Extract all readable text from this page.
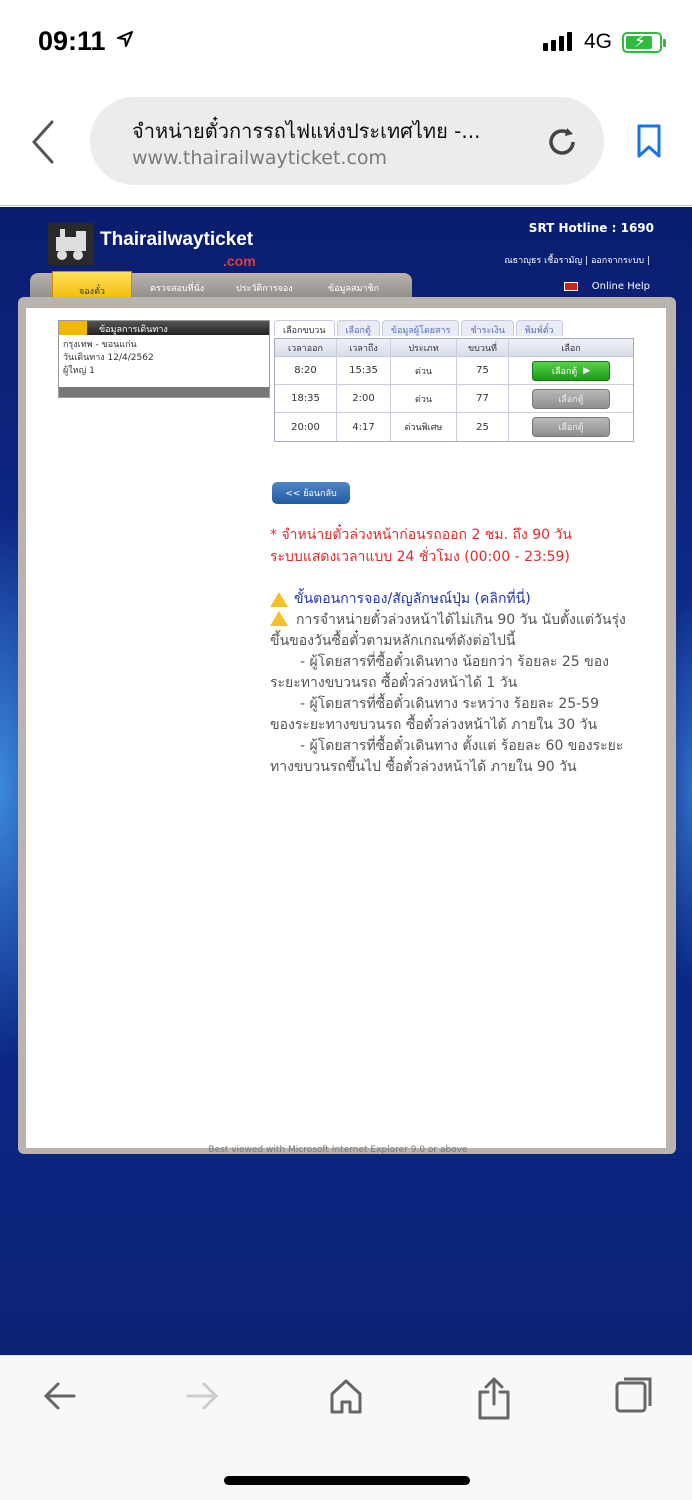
09:11	4G ⚡
จำหน่ายตั๋วการรถไฟแห่งประเทศไทย -...
www.thairailwayticket.com
Thairailwayticket
.com
SRT Hotline : 1690
ณธาญุธร เชื้อรามัญ | ออกจากระบบ |
Online Help
จองตั๋ว	ตรวจสอบที่นั่ง	ประวัติการจอง	ข้อมูลสมาชิก
ข้อมูลการเดินทาง
กรุงเทพ - ขอนแก่น
วันเดินทาง 12/4/2562
ผู้ใหญ่ 1
เลือกขบวน	เลือกตู้	ข้อมูลผู้โดยสาร	ชำระเงิน	พิมพ์ตั๋ว
เวลาออก	เวลาถึง	ประเภท	ขบวนที่	เลือก
8:20	15:35	ด่วน	75	เลือกตู้ ▶
18:35	2:00	ด่วน	77	เลือกตู้
20:00	4:17	ด่วนพิเศษ	25	เลือกตู้
<< ย้อนกลับ
* จำหน่ายตั๋วล่วงหน้าก่อนรถออก 2 ชม. ถึง 90 วัน
ระบบแสดงเวลาแบบ 24 ชั่วโมง (00:00 - 23:59)
ขั้นตอนการจอง/สัญลักษณ์ปุ่ม (คลิกที่นี่)

การจำหน่ายตั๋วล่วงหน้าได้ไม่เกิน 90 วัน นับตั้งแต่วันรุ่งขึ้นของวันซื้อตั๋วตามหลักเกณฑ์ดังต่อไปนี้

- ผู้โดยสารที่ซื้อตั๋วเดินทาง น้อยกว่า ร้อยละ 25 ของ

ระยะทางขบวนรถ ซื้อตั๋วล่วงหน้าได้ 1 วัน

- ผู้โดยสารที่ซื้อตั๋วเดินทาง ระหว่าง ร้อยละ 25-59

ของระยะทางขบวนรถ ซื้อตั๋วล่วงหน้าได้ ภายใน 30 วัน

- ผู้โดยสารที่ซื้อตั๋วเดินทาง ตั้งแต่ ร้อยละ 60 ของระยะ

ทางขบวนรถขึ้นไป ซื้อตั๋วล่วงหน้าได้ ภายใน 90 วัน

Best viewed with Microsoft Internet Explorer 9.0 or above
